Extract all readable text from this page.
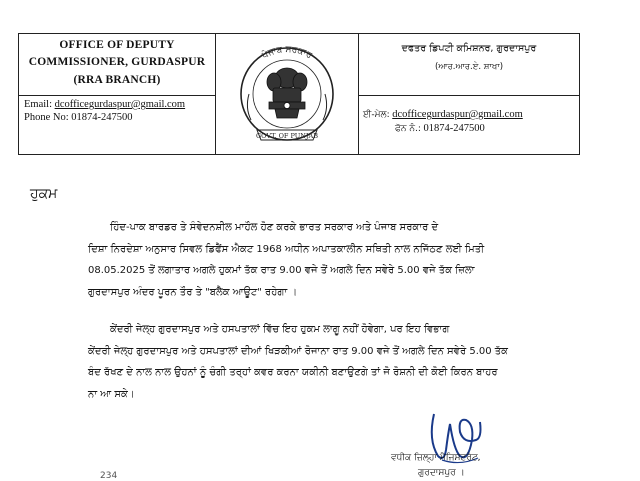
OFFICE OF DEPUTY
COMMISSIONER, GURDASPUR
(RRA BRANCH)
Email: dcofficegurdaspur@gmail.com
Phone No: 01874-247500
ਪੰਜਾਬ ਸਰਕਾਰ
GOVT. OF PUNJAB
ਦਫਤਰ ਡਿਪਟੀ ਕਮਿਸ਼ਨਰ, ਗੁਰਦਾਸਪੁਰ
(ਆਰ.ਆਰ.ਏ. ਸ਼ਾਖਾ)
ਈ-ਮੇਲ: dcofficegurdaspur@gmail.com
ਫੋਨ ਨੰ.: 01874-247500
ਹੁਕਮ
ਹਿੰਦ-ਪਾਕ ਬਾਰਡਰ ਤੇ ਸੰਵੇਦਨਸ਼ੀਲ ਮਾਹੌਲ ਹੋਣ ਕਰਕੇ ਭਾਰਤ ਸਰਕਾਰ ਅਤੇ ਪੰਜਾਬ ਸਰਕਾਰ ਦੇ
ਦਿਸ਼ਾ ਨਿਰਦੇਸ਼ਾ ਅਨੁਸਾਰ ਸਿਵਲ ਡਿਫੈਂਸ ਐਕਟ 1968 ਅਧੀਨ ਅਪਾਤਕਾਲੀਨ ਸਥਿਤੀ ਨਾਲ ਨਜਿੱਠਣ ਲਈ ਮਿਤੀ
08.05.2025 ਤੋਂ ਲਗਾਤਾਰ ਅਗਲੇ ਹੁਕਮਾਂ ਤੱਕ ਰਾਤ 9.00 ਵਜੇ ਤੋਂ ਅਗਲੇ ਦਿਨ ਸਵੇਰੇ 5.00 ਵਜੇ ਤੱਕ ਜ਼ਿਲਾ
ਗੁਰਦਾਸਪੁਰ ਅੰਦਰ ਪੂਰਨ ਤੌਰ ਤੇ "ਬਲੈਕ ਆਊਟ" ਰਹੇਗਾ ।
ਕੇਂਦਰੀ ਜੇਲ੍ਹ ਗੁਰਦਾਸਪੁਰ ਅਤੇ ਹਸਪਤਾਲਾਂ ਵਿੱਚ ਇਹ ਹੁਕਮ ਲਾਗੂ ਨਹੀਂ ਹੋਵੇਗਾ, ਪਰ ਇਹ ਵਿਭਾਗ
ਕੇਂਦਰੀ ਜੇਲ੍ਹ ਗੁਰਦਾਸਪੁਰ ਅਤੇ ਹਸਪਤਾਲਾਂ ਦੀਆਂ ਖਿੜਕੀਆਂ ਰੋਜਾਨਾ ਰਾਤ 9.00 ਵਜੇ ਤੋਂ ਅਗਲੇ ਦਿਨ ਸਵੇਰੇ 5.00 ਤੱਕ
ਬੰਦ ਰੱਖਣ ਦੇ ਨਾਲ ਨਾਲ ਉਹਨਾਂ ਨੂੰ ਚੰਗੀ ਤਰ੍ਹਾਂ ਕਵਰ ਕਰਨਾ ਯਕੀਨੀ ਬਣਾਉਣਗੇ ਤਾਂ ਜੋ ਰੋਸ਼ਨੀ ਦੀ ਕੋਈ ਕਿਰਨ ਬਾਹਰ
ਨਾ ਆ ਸਕੇ।
ਵਧੀਕ ਜ਼ਿਲ੍ਹਾ ਮੈਜਿਸਟਰੇਟ,
ਗੁਰਦਾਸਪੁਰ ।
234
